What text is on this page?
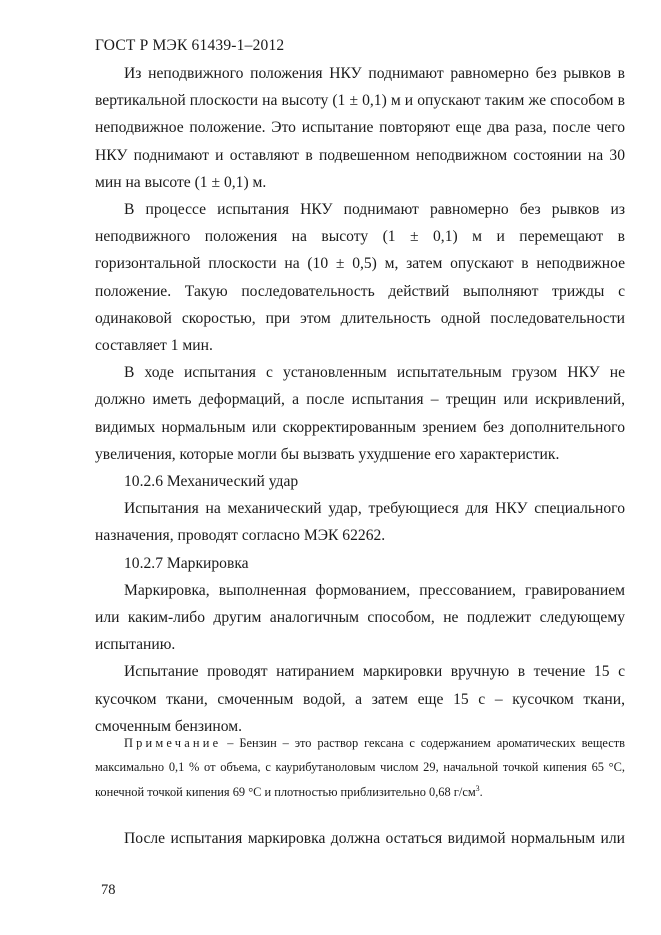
ГОСТ Р МЭК 61439-1–2012

Из неподвижного положения НКУ поднимают равномерно без рывков в вертикальной плоскости на высоту (1 ± 0,1) м и опускают таким же способом в неподвижное положение. Это испытание повторяют еще два раза, после чего НКУ поднимают и оставляют в подвешенном неподвижном состоянии на 30 мин на высоте (1 ± 0,1) м.

В процессе испытания НКУ поднимают равномерно без рывков из неподвижного положения на высоту (1 ± 0,1) м и перемещают в горизонтальной плоскости на (10 ± 0,5) м, затем опускают в неподвижное положение. Такую последовательность действий выполняют трижды с одинаковой скоростью, при этом длительность одной последовательности составляет 1 мин.

В ходе испытания с установленным испытательным грузом НКУ не должно иметь деформаций, а после испытания – трещин или искривлений, видимых нормальным или скорректированным зрением без дополнительного увеличения, которые могли бы вызвать ухудшение его характеристик.

10.2.6 Механический удар

Испытания на механический удар, требующиеся для НКУ специального назначения, проводят согласно МЭК 62262.

10.2.7 Маркировка

Маркировка, выполненная формованием, прессованием, гравированием или каким-либо другим аналогичным способом, не подлежит следующему испытанию.

Испытание проводят натиранием маркировки вручную в течение 15 с кусочком ткани, смоченным водой, а затем еще 15 с – кусочком ткани, смоченным бензином.

Примечание – Бензин – это раствор гексана с содержанием ароматических веществ максимально 0,1 % от объема, с каурибутаноловым числом 29, начальной точкой кипения 65 °С, конечной точкой кипения 69 °С и плотностью приблизительно 0,68 $г/см^3$.
После испытания маркировка должна остаться видимой нормальным или
78
